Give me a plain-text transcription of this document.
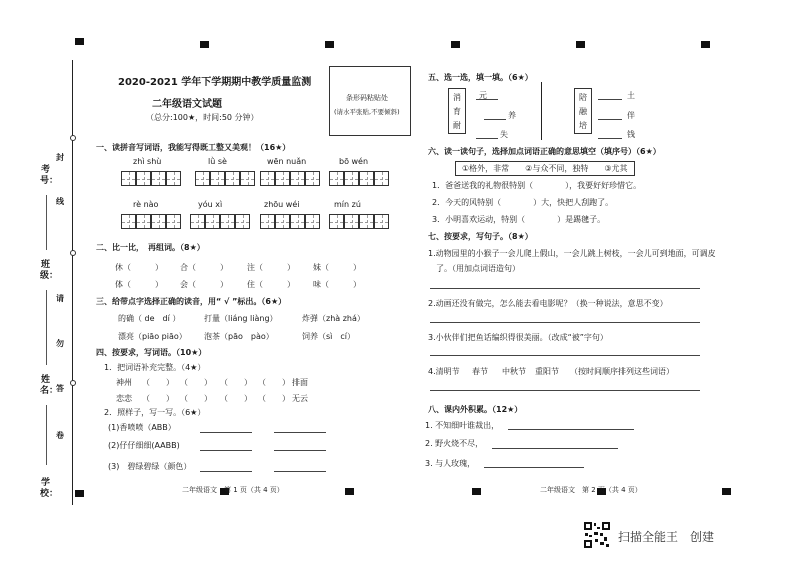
考号：
班级：
姓名：
学校：
封
线
请
勿
答
卷
2020-2021 学年下学期期中教学质量监测
二年级语文试题
（总分:100★，时间:50 分钟）
条形码粘贴处
(请水平张贴,不要倾斜)
一、读拼音写词语，我能写得既工整又美观！（16★）
zhì shù	lǜ sè	wēn nuǎn	bō wén
rè nào	yóu xì	zhōu wéi	mín zú
二、比一比，　再组词。（8★）
休（　　　） 合（　　　） 注（　　　） 妹（　　　）
体（　　　） 会（　　　） 住（　　　） 味（　　　）
三、给带点字选择正确的读音，用“ √ ”标出。（6★）
的确（ de　dí ）	打量（liáng liàng）	炸弹（zhà zhá）
漂亮（piāo piāo） 泡茶（pāo　pào）	饲养（sì　cí）
四、按要求，写词语。（10★）
1．把词语补充完整。（4★）
神州 （　　） （　　） （　　） （　　） 排面
恋恋 （　　） （　　） （　　） （　　） 无云
2．照样子，写一写。（6★）
(1)香喷喷（ABB）
(2)仔仔细细(AABB)
(3)　碧绿碧绿（颜色）
二年级语文　第 1 页（共 4 页）
五、选一选，填一填。（6★）
消
育
耐
元
养
失
陪
融
培
土
伴
钱
六、读一读句子，选择加点词语正确的意思填空（填序号）（6★）
①格外，非常　　②与众不同，独特　　③尤其
1．爸爸送我的礼物很特别（　　　　），我要好好珍惜它。
2．今天的风特别（　　　　）大，快把人刮跑了。
3．小明喜欢运动，特别（　　　　）是踢毽子。
七、按要求，写句子。（8★）
1.动物园里的小猴子一会儿爬上假山，一会儿跳上树枝，一会儿可到地面，可调皮
了。（用加点词语造句）
2.动画还没有做完，怎么能去看电影呢？（换一种说法，意思不变）
3.小伙伴们把鱼话编织得很美丽。（改成“被”字句）
4.清明节 春节 中秋节 重阳节 （按时间顺序排列这些词语）
八、课内外积累。（12★）
1. 不知细叶谁裁出，
2. 野火烧不尽，
3. 与人玫瑰，
二年级语文　第 2 页（共 4 页）
扫描全能王　创建
